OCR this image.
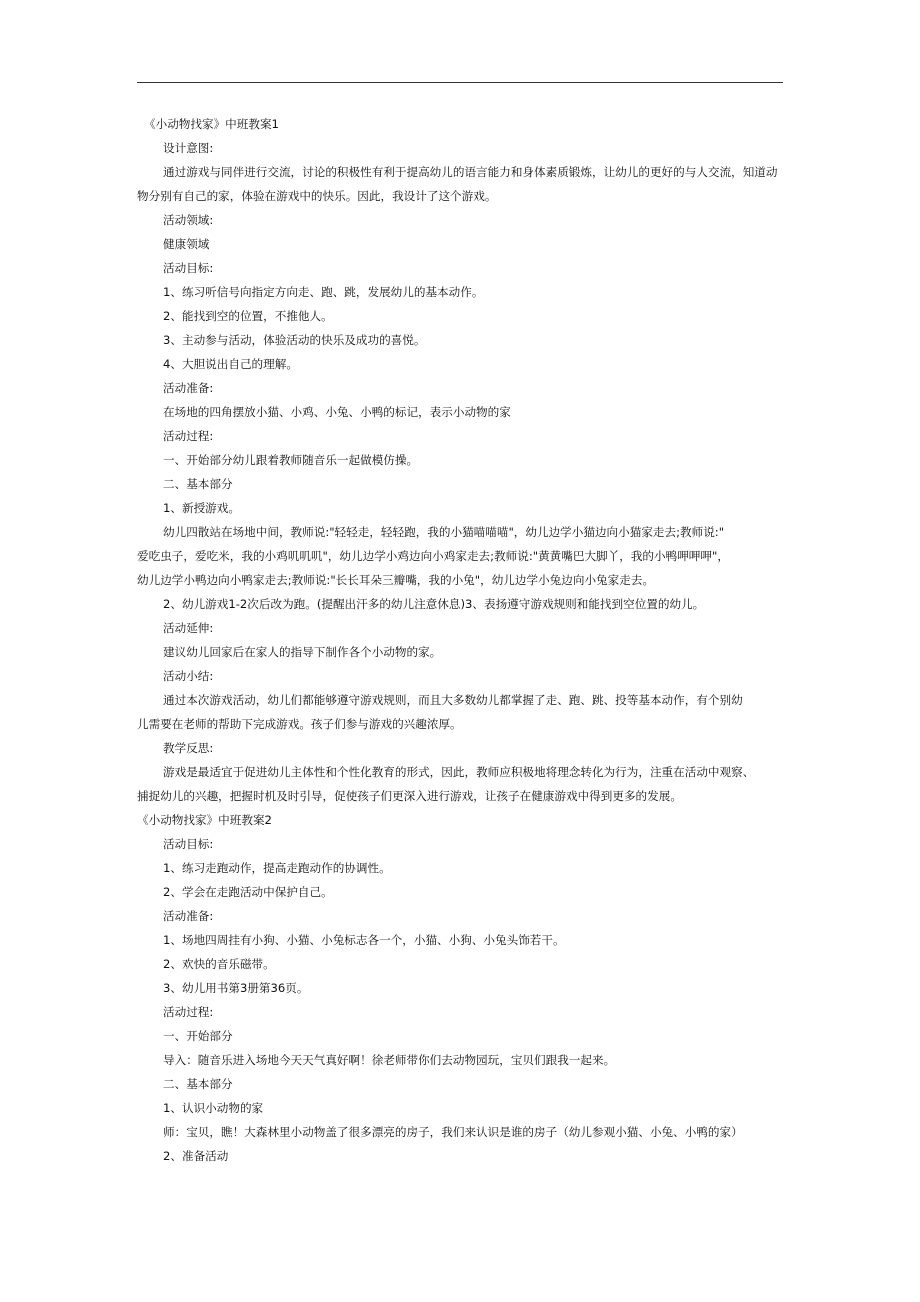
《小动物找家》中班教案1

设计意图:

通过游戏与同伴进行交流，讨论的积极性有利于提高幼儿的语言能力和身体素质锻炼，让幼儿的更好的与人交流，知道动物分别有自己的家，体验在游戏中的快乐。因此，我设计了这个游戏。

活动领域:

健康领域

活动目标:

1、练习听信号向指定方向走、跑、跳，发展幼儿的基本动作。

2、能找到空的位置，不推他人。

3、主动参与活动，体验活动的快乐及成功的喜悦。

4、大胆说出自己的理解。

活动准备:

在场地的四角摆放小猫、小鸡、小兔、小鸭的标记，表示小动物的家

活动过程:

一、开始部分幼儿跟着教师随音乐一起做模仿操。

二、基本部分

1、新授游戏。

幼儿四散站在场地中间，教师说:"轻轻走，轻轻跑，我的小猫喵喵喵"，幼儿边学小猫边向小猫家走去;教师说:"

爱吃虫子，爱吃米，我的小鸡叽叽叽"，幼儿边学小鸡边向小鸡家走去;教师说:"黄黄嘴巴大脚丫，我的小鸭呷呷呷"，

幼儿边学小鸭边向小鸭家走去;教师说:"长长耳朵三瓣嘴，我的小兔"，幼儿边学小兔边向小兔家走去。

2、幼儿游戏1-2次后改为跑。(提醒出汗多的幼儿注意休息)3、表扬遵守游戏规则和能找到空位置的幼儿。

活动延伸:

建议幼儿回家后在家人的指导下制作各个小动物的家。

活动小结:

通过本次游戏活动，幼儿们都能够遵守游戏规则，而且大多数幼儿都掌握了走、跑、跳、投等基本动作，有个别幼

儿需要在老师的帮助下完成游戏。孩子们参与游戏的兴趣浓厚。

教学反思:

游戏是最适宜于促进幼儿主体性和个性化教育的形式，因此，教师应积极地将理念转化为行为，注重在活动中观察、

捕捉幼儿的兴趣，把握时机及时引导，促使孩子们更深入进行游戏，让孩子在健康游戏中得到更多的发展。

《小动物找家》中班教案2

活动目标:

1、练习走跑动作，提高走跑动作的协调性。

2、学会在走跑活动中保护自己。

活动准备:

1、场地四周挂有小狗、小猫、小兔标志各一个，小猫、小狗、小兔头饰若干。

2、欢快的音乐磁带。

3、幼儿用书第3册第36页。

活动过程:

一、开始部分

导入：随音乐进入场地今天天气真好啊！徐老师带你们去动物园玩，宝贝们跟我一起来。

二、基本部分

1、认识小动物的家

师：宝贝，瞧！大森林里小动物盖了很多漂亮的房子，我们来认识是谁的房子（幼儿参观小猫、小兔、小鸭的家）

2、准备活动
